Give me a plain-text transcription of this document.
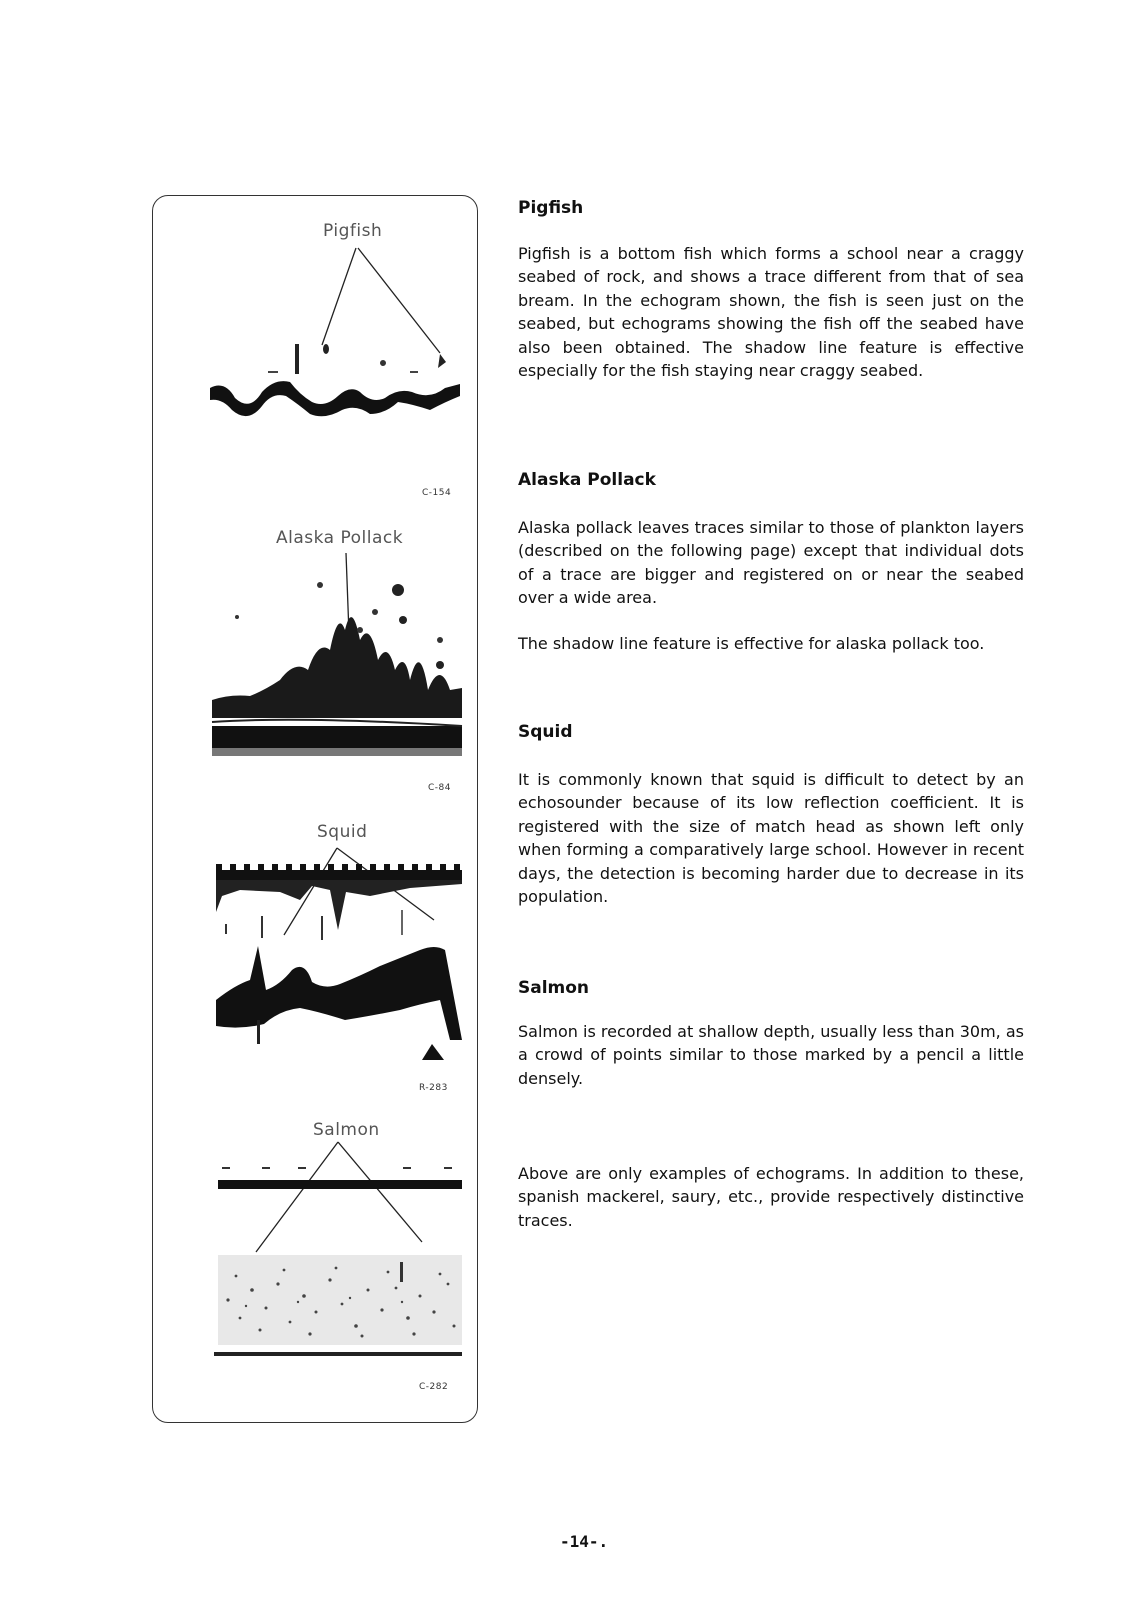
Pigfish
C-154
Alaska Pollack
C-84
Squid
R-283
Salmon
C-282
Pigfish
Pigfish is a bottom fish which forms a school near a craggy seabed of rock, and shows a trace different from that of sea bream. In the echogram shown, the fish is seen just on the seabed, but echograms showing the fish off the seabed have also been obtained. The shadow line feature is effective especially for the fish staying near craggy seabed.
Alaska Pollack
Alaska pollack leaves traces similar to those of plankton layers (described on the following page) except that individual dots of a trace are bigger and registered on or near the seabed over a wide area.
The shadow line feature is effective for alaska pollack too.
Squid
It is commonly known that squid is difficult to detect by an echosounder because of its low reflection coefficient. It is registered with the size of match head as shown left only when forming a comparatively large school. However in recent days, the detection is becoming harder due to decrease in its population.
Salmon
Salmon is recorded at shallow depth, usually less than 30m, as a crowd of points similar to those marked by a pencil a little densely.
Above are only examples of echograms. In addition to these, spanish mackerel, saury, etc., provide respectively distinctive traces.
-14-.
